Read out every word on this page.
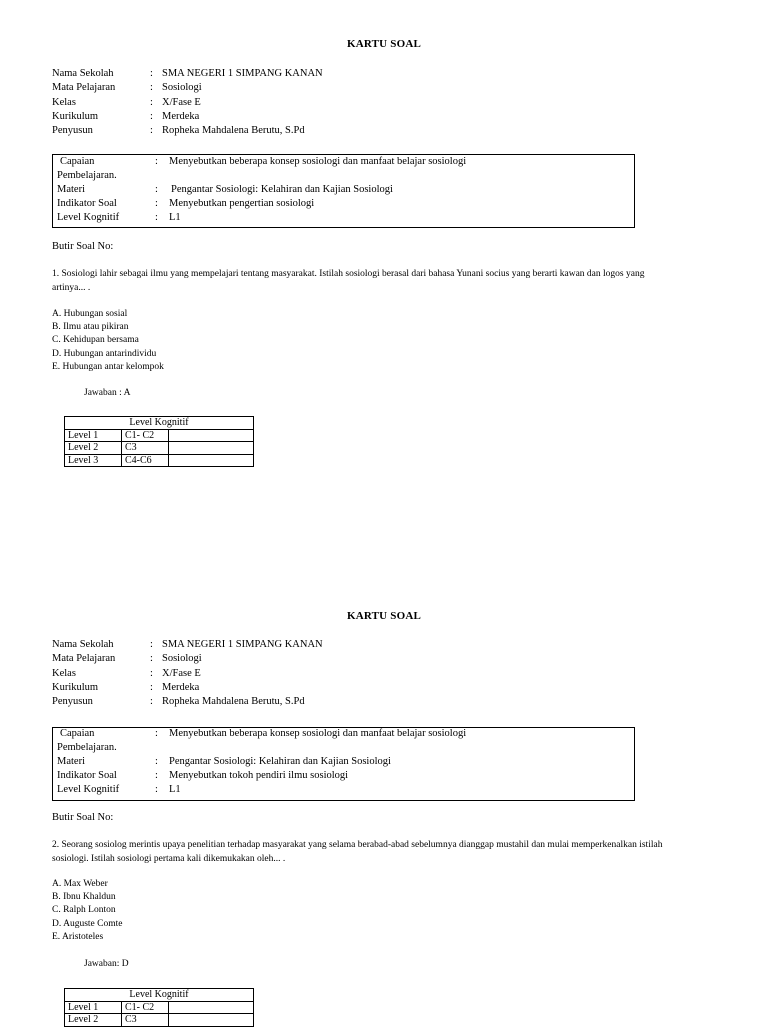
KARTU SOAL
Nama Sekolah	: SMA NEGERI 1 SIMPANG KANAN
Mata Pelajaran	: Sosiologi
Kelas	: X/Fase E
Kurikulum	: Merdeka
Penyusun	: Ropheka Mahdalena Berutu, S.Pd
Capaian	: Menyebutkan beberapa konsep sosiologi dan manfaat belajar sosiologi
Pembelajaran.
Materi	: Pengantar Sosiologi: Kelahiran dan Kajian Sosiologi
Indikator Soal	: Menyebutkan pengertian sosiologi
Level Kognitif	: L1
Butir Soal No:
1. Sosiologi lahir sebagai ilmu yang mempelajari tentang masyarakat. Istilah sosiologi berasal dari bahasa Yunani socius yang berarti kawan dan logos yang
artinya... .
A. Hubungan sosial
B. Ilmu atau pikiran
C. Kehidupan bersama
D. Hubungan antarindividu
E. Hubungan antar kelompok
Jawaban : A
Level Kognitif		
Level 1	C1- C2	
Level 2	C3	
Level 3	C4-C6	
KARTU SOAL
Nama Sekolah	: SMA NEGERI 1 SIMPANG KANAN
Mata Pelajaran	: Sosiologi
Kelas	: X/Fase E
Kurikulum	: Merdeka
Penyusun	: Ropheka Mahdalena Berutu, S.Pd
Capaian	: Menyebutkan beberapa konsep sosiologi dan manfaat belajar sosiologi
Pembelajaran.
Materi	: Pengantar Sosiologi: Kelahiran dan Kajian Sosiologi
Indikator Soal	: Menyebutkan tokoh pendiri ilmu sosiologi
Level Kognitif	: L1
Butir Soal No:
2. Seorang sosiolog merintis upaya penelitian terhadap masyarakat yang selama berabad-abad sebelumnya dianggap mustahil dan mulai memperkenalkan istilah
sosiologi. Istilah sosiologi pertama kali dikemukakan oleh... .
A. Max Weber
B. Ibnu Khaldun
C. Ralph Lonton
D. Auguste Comte
E. Aristoteles
Jawaban: D
Level Kognitif		
Level 1	C1- C2	
Level 2	C3	
